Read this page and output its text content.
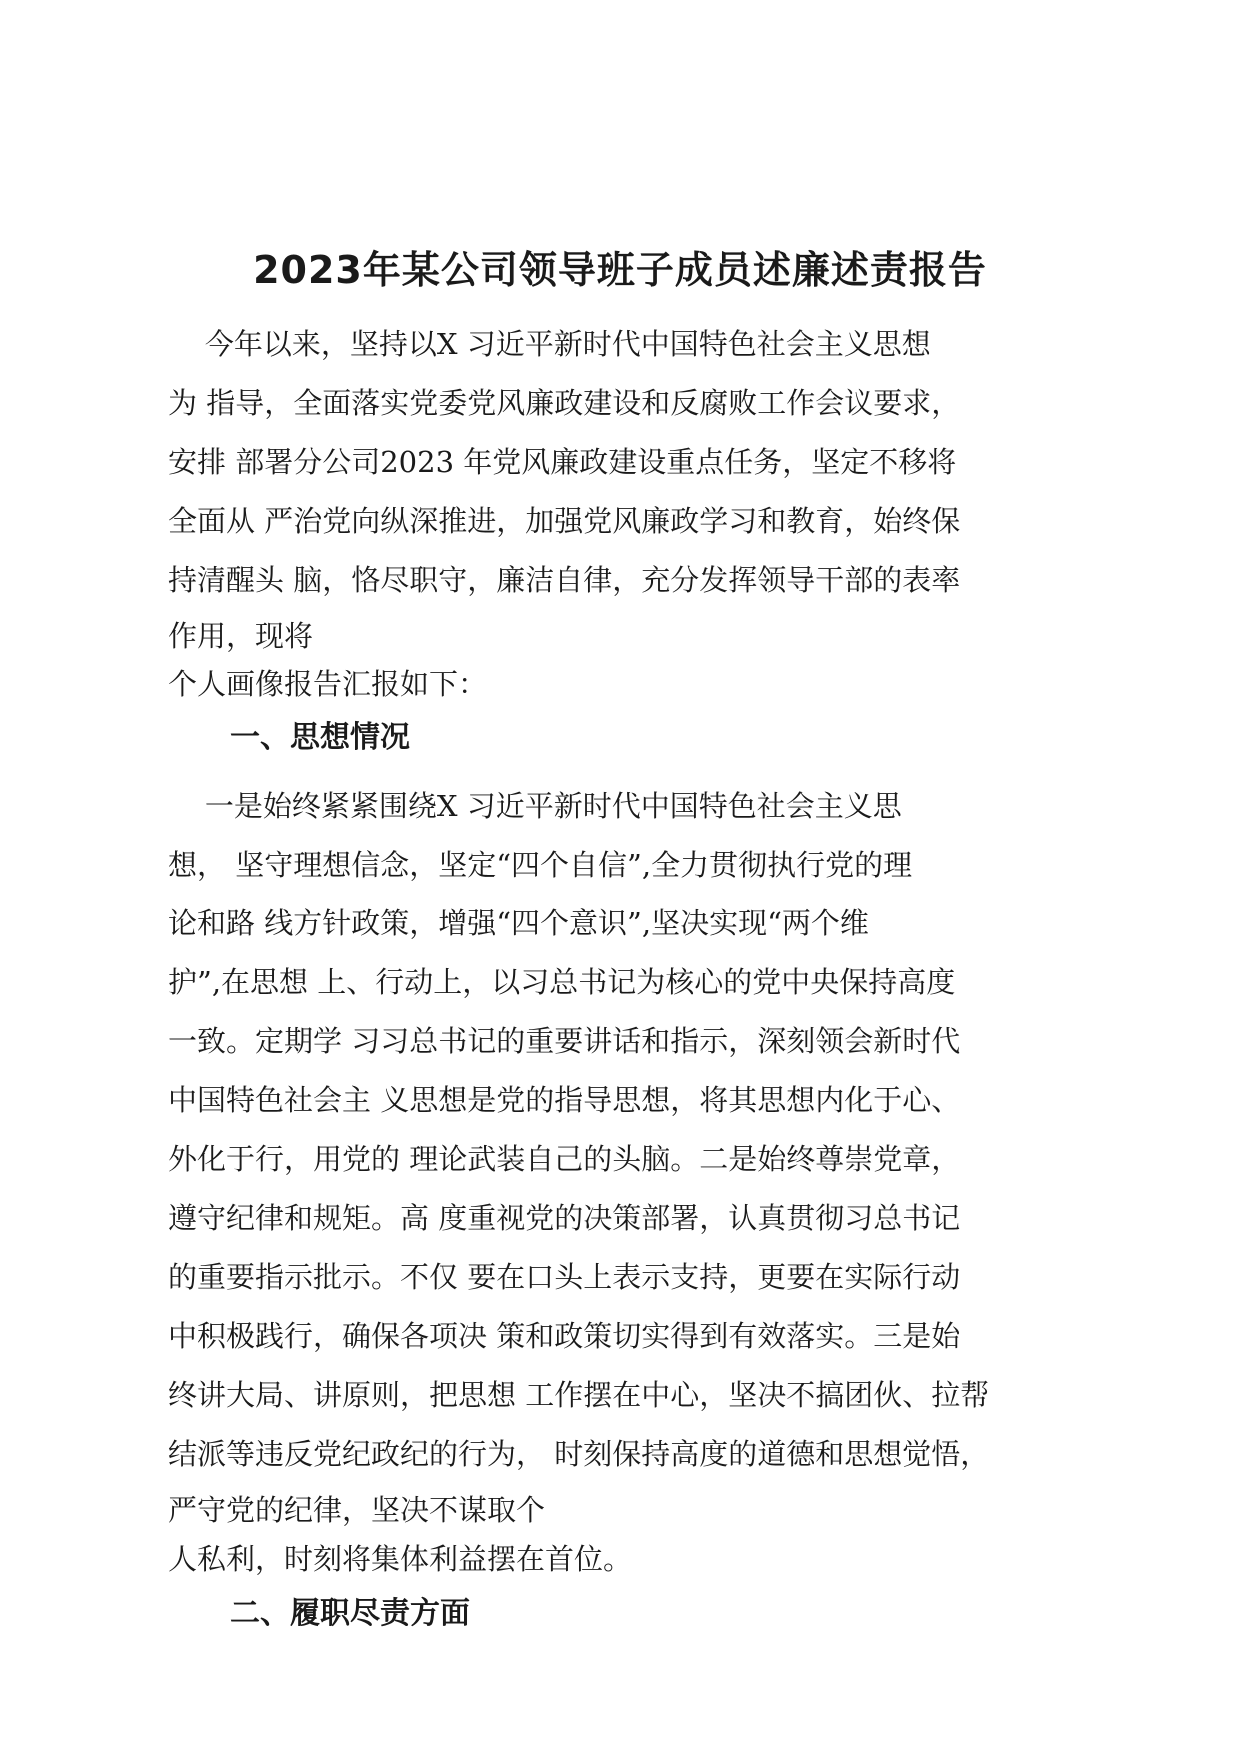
2023年某公司领导班子成员述廉述责报告
今年以来，坚持以X 习近平新时代中国特色社会主义思想
为 指导，全面落实党委党风廉政建设和反腐败工作会议要求，
安排 部署分公司2023 年党风廉政建设重点任务，坚定不移将
全面从 严治党向纵深推进，加强党风廉政学习和教育，始终保
持清醒头 脑，恪尽职守，廉洁自律，充分发挥领导干部的表率
作用，现将
个人画像报告汇报如下：
一、思想情况
一是始终紧紧围绕X 习近平新时代中国特色社会主义思
想， 坚守理想信念，坚定“四个自信”,全力贯彻执行党的理
论和路 线方针政策，增强“四个意识”,坚决实现“两个维
护”,在思想 上、行动上，以习总书记为核心的党中央保持高度
一致。定期学 习习总书记的重要讲话和指示，深刻领会新时代
中国特色社会主 义思想是党的指导思想，将其思想内化于心、
外化于行，用党的 理论武装自己的头脑。二是始终尊崇党章，
遵守纪律和规矩。高 度重视党的决策部署，认真贯彻习总书记
的重要指示批示。不仅 要在口头上表示支持，更要在实际行动
中积极践行，确保各项决 策和政策切实得到有效落实。三是始
终讲大局、讲原则，把思想 工作摆在中心，坚决不搞团伙、拉帮
结派等违反党纪政纪的行为， 时刻保持高度的道德和思想觉悟，
严守党的纪律，坚决不谋取个
人私利，时刻将集体利益摆在首位。
二、履职尽责方面
